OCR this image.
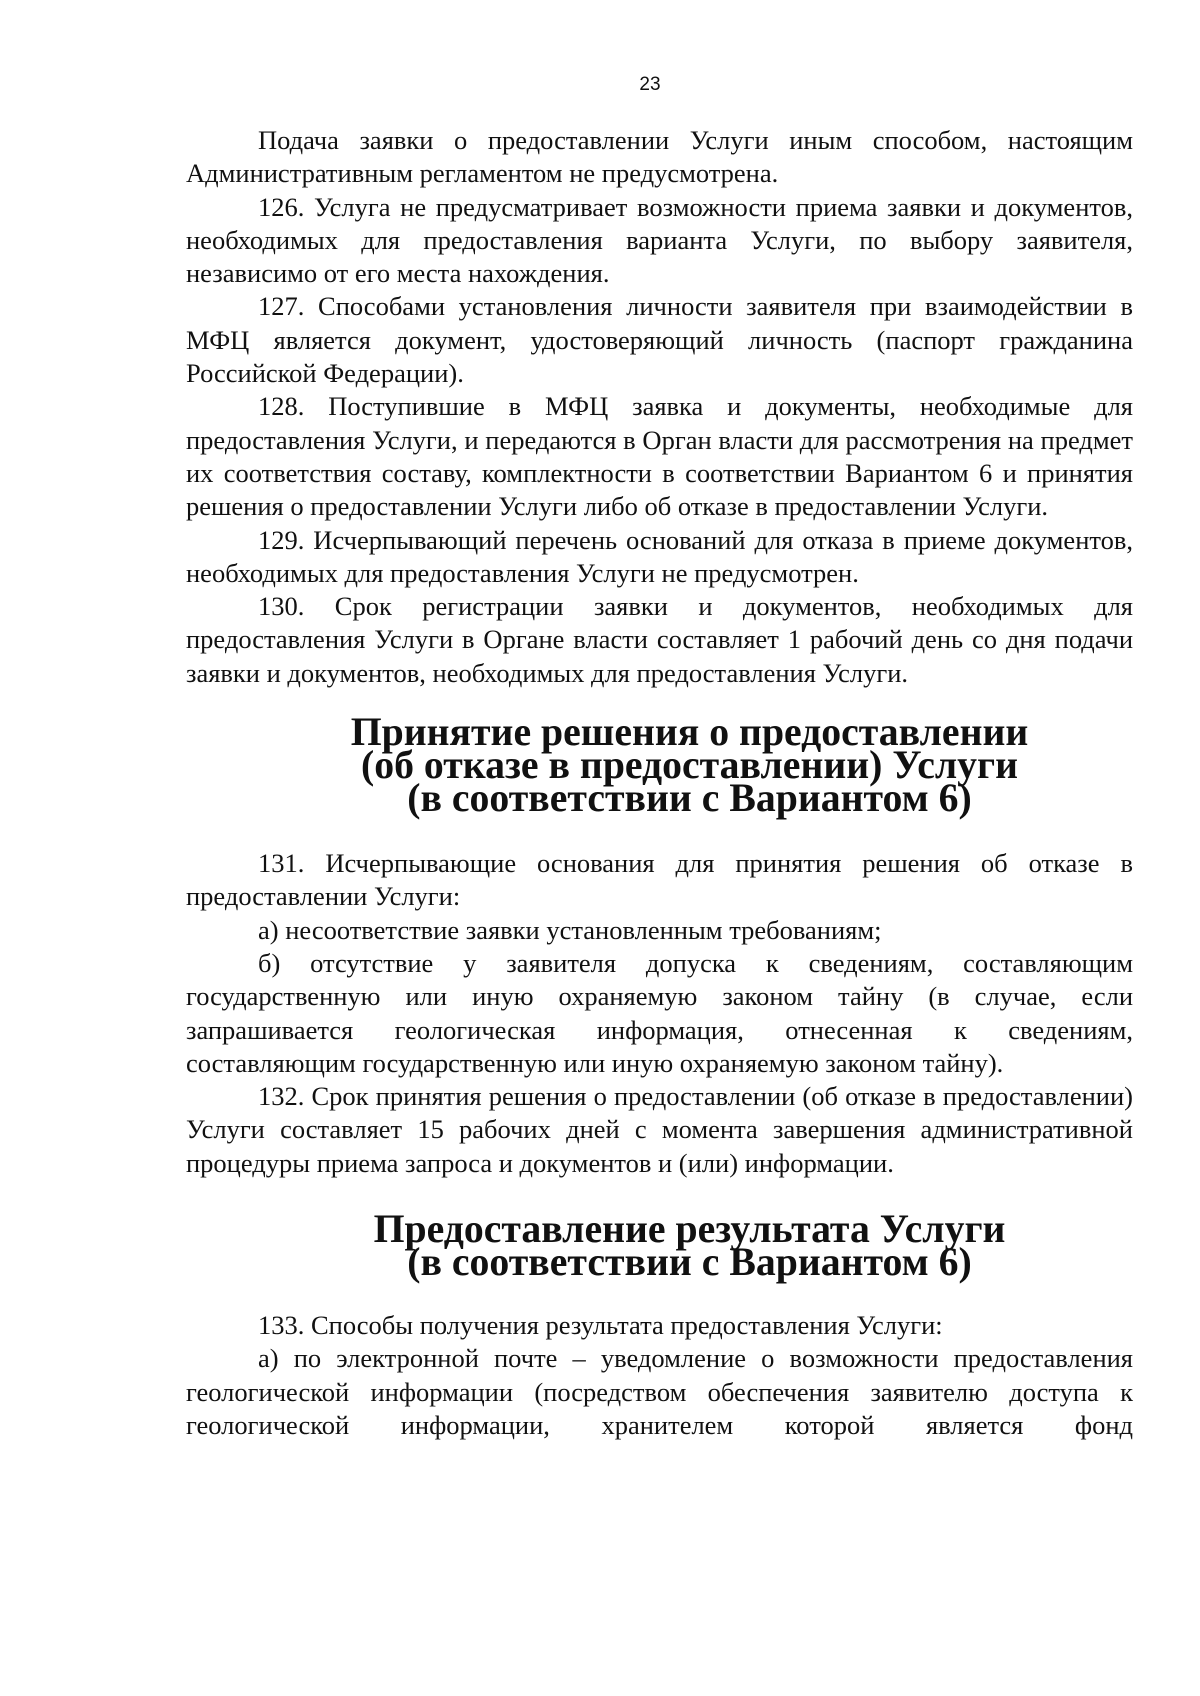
23

Подача заявки о предоставлении Услуги иным способом, настоящим Административным регламентом не предусмотрена.

126. Услуга не предусматривает возможности приема заявки и документов, необходимых для предоставления варианта Услуги, по выбору заявителя, независимо от его места нахождения.

127. Способами установления личности заявителя при взаимодействии в МФЦ является документ, удостоверяющий личность (паспорт гражданина Российской Федерации).

128. Поступившие в МФЦ заявка и документы, необходимые для предоставления Услуги, и передаются в Орган власти для рассмотрения на предмет их соответствия составу, комплектности в соответствии Вариантом 6 и принятия решения о предоставлении Услуги либо об отказе в предоставлении Услуги.

129. Исчерпывающий перечень оснований для отказа в приеме документов, необходимых для предоставления Услуги не предусмотрен.

130. Срок регистрации заявки и документов, необходимых для предоставления Услуги в Органе власти составляет 1 рабочий день со дня подачи заявки и документов, необходимых для предоставления Услуги.

Принятие решения о предоставлении
(об отказе в предоставлении) Услуги
(в соответствии с Вариантом 6)

131. Исчерпывающие основания для принятия решения об отказе в предоставлении Услуги:

а) несоответствие заявки установленным требованиям;

б) отсутствие у заявителя допуска к сведениям, составляющим государственную или иную охраняемую законом тайну (в случае, если запрашивается геологическая информация, отнесенная к сведениям, составляющим государственную или иную охраняемую законом тайну).

132. Срок принятия решения о предоставлении (об отказе в предоставлении) Услуги составляет 15 рабочих дней с момента завершения административной процедуры приема запроса и документов и (или) информации.

Предоставление результата Услуги
(в соответствии с Вариантом 6)

133. Способы получения результата предоставления Услуги:

а) по электронной почте – уведомление о возможности предоставления геологической информации (посредством обеспечения заявителю доступа к геологической информации, хранителем которой является фонд
